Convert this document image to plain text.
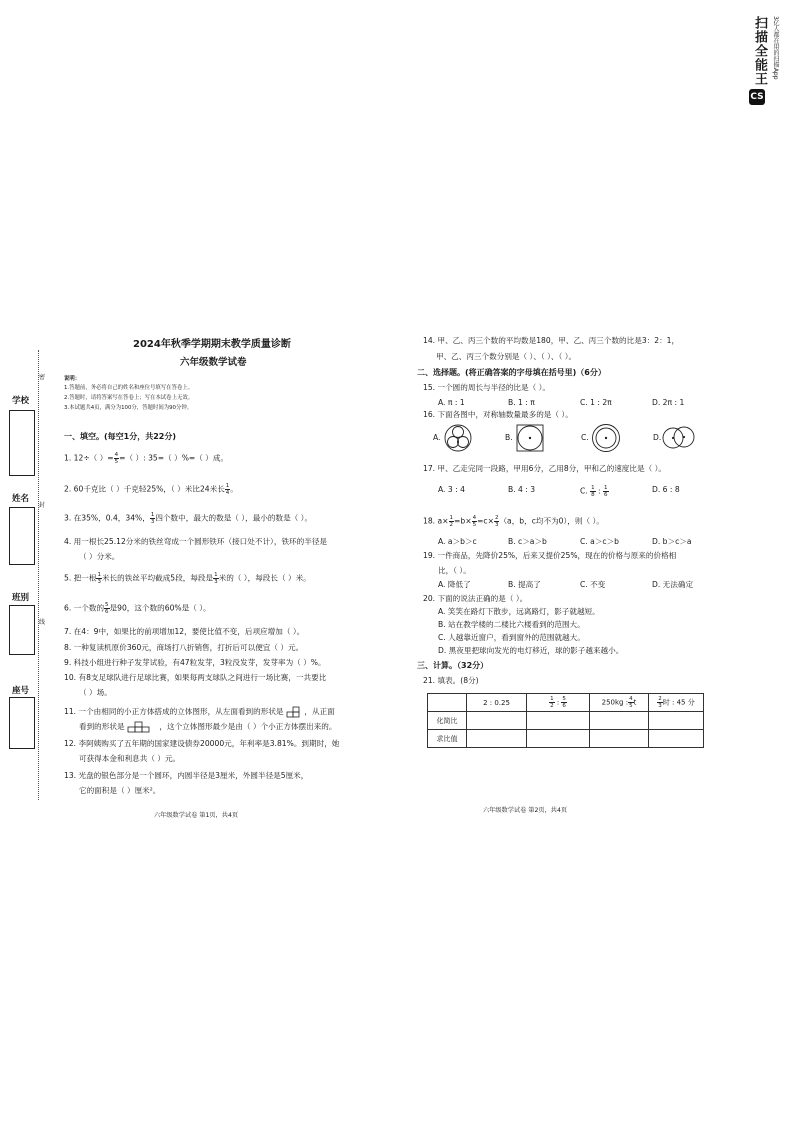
CS
扫描全能王 3亿人都在用的扫描App
密
封
线
学校
姓名
班别
座号
2024年秋季学期期末教学质量诊断
六年级数学试卷
说明：
1.答题前，务必将自己的姓名和座位号填写在答卷上。
2.答题时，请将答案写在答卷上；写在本试卷上无效。
3.本试题共4页，满分为100分，答题时间为90分钟。
一、填空。(每空1分，共22分)
1. 12÷（ ）= $\frac{4}{5}$ =（ ）: 35=（ ）%=（ ）成。
2. 60千克比（ ）千克轻25%，（ ）米比24米长 $\frac{1}{4}$ 。
3. 在35%，0.4，34%， $\frac{1}{3}$ 四个数中，最大的数是（ ），最小的数是（ ）。
4. 用一根长25.12分米的铁丝弯成一个圆形铁环（接口处不计），铁环的半径是
（ ）分米。
5. 把一根 $\frac{1}{3}$ 米长的铁丝平均截成5段，每段是 $\frac{1}{3}$ 米的（ ），每段长（ ）米。
6. 一个数的 $\frac{5}{6}$ 是90，这个数的60%是（ ）。
7. 在4：9中，如果比的前项增加12，要使比值不变，后项应增加（ ）。
8. 一种复读机原价360元，商场打八折销售，打折后可以便宜（ ）元。
9. 科技小组进行种子发芽试验，有47粒发芽，3粒没发芽，发芽率为（ ）%。
10. 有8支足球队进行足球比赛，如果每两支球队之间进行一场比赛，一共要比
（ ）场。
11. 一个由相同的小正方体搭成的立体图形，从左面看到的形状是	，从正面
看到的形状是	，这个立体图形最少是由（ ）个小正方体摆出来的。
12. 李阿姨购买了五年期的国家建设债券20000元，年利率是3.81%。到期时，她
可获得本金和利息共（ ）元。
13. 光盘的银色部分是一个圆环，内圆半径是3厘米，外圆半径是5厘米，
它的面积是（ ）厘米²。
六年级数学试卷 第1页，共4页
14. 甲、乙、丙三个数的平均数是180，甲、乙、丙三个数的比是3：2：1，
甲、乙、丙三个数分别是（ ）、（ ）、（ ）。
二、选择题。(将正确答案的字母填在括号里)（6分）
15. 一个圆的周长与半径的比是（ ）。
A. π : 1	B. 1 : π	C. 1 : 2π	D. 2π : 1
16. 下面各图中，对称轴数量最多的是（ ）。
A.	B.	C.	D.
17. 甲、乙走完同一段路，甲用6分，乙用8分，甲和乙的速度比是（ ）。
A. 3 : 4	B. 4 : 3	C. $\frac{1}{8}$ : $\frac{1}{6}$	D. 6 : 8
18. $a\times \frac{1}{2} =b\times \frac{4}{5} =c\times \frac{2}{3} (a$，b，c均不为0），则（ ）。
A. a＞b＞c	B. c＞a＞b	C. a＞c＞b	D. b＞c＞a
19. 一件商品，先降价25%，后来又提价25%，现在的价格与原来的价格相
比，（ ）。
A. 降低了	B. 提高了	C. 不变	D. 无法确定
20. 下面的说法正确的是（ ）。
A. 笑笑在路灯下散步，远离路灯，影子就越短。
B. 站在教学楼的二楼比六楼看到的范围大。
C. 人越靠近窗户，看到窗外的范围就越大。
D. 黑夜里把球向发光的电灯移近，球的影子越来越小。
三、计算。（32分）
21. 填表。(8分)
	2 : 0.25	$\frac{1}{2}$ : $\frac{5}{6}$	250kg : $\frac{4}{5}$ t	$\frac{2}{3}$ 时 : 45 分
化简比				
求比值				
六年级数学试卷 第2页，共4页
